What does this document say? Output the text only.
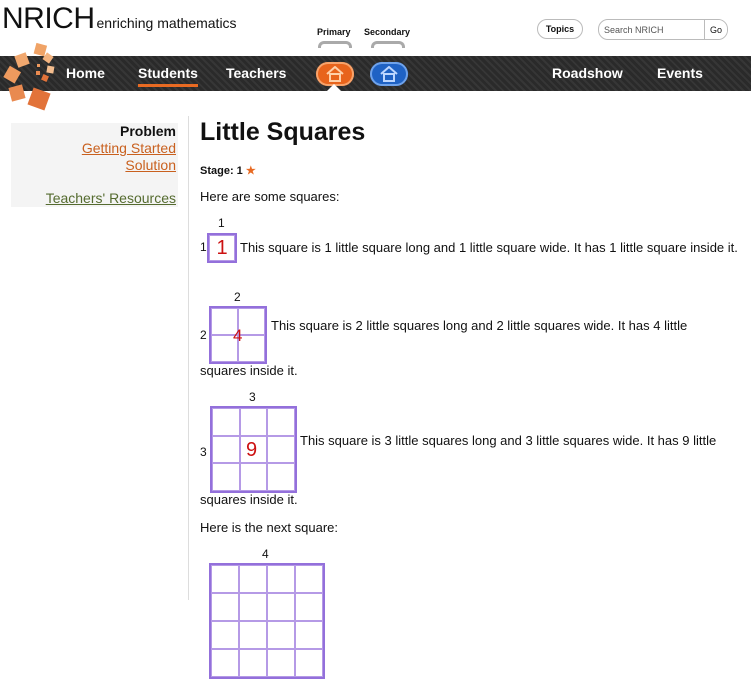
NRICH enriching mathematics
Primary Secondary	Topics
Search NRICH	Go
Home Students Teachers	Roadshow Events
Problem
Getting Started
Solution
Teachers' Resources
Little Squares
Stage: 1 ★
Here are some squares:
1
1 1 This square is 1 little square long and 1 little square wide. It has 1 little square inside it.
2
2 4
This square is 2 little squares long and 2 little squares wide. It has 4 little
squares inside it.
3
3 9	This square is 3 little squares long and 3 little squares wide. It has 9 little
squares inside it.
Here is the next square:
4
